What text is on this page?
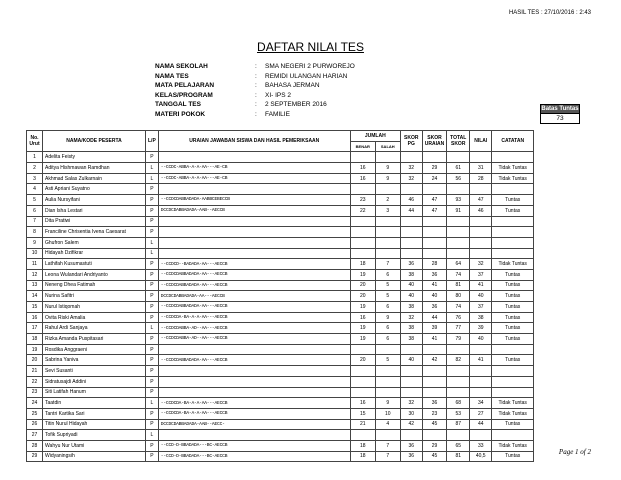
HASIL TES : 27/10/2016 : 2:43
DAFTAR NILAI TES
NAMA SEKOLAH	:	SMA NEGERI 2 PURWOREJO
NAMA TES	:	REMIDI ULANGAN HARIAN
MATA PELAJARAN	:	BAHASA JERMAN
KELAS/PROGRAM	:	XI- IPS 2
TANGGAL TES	:	2 SEPTEMBER 2016
MATERI POKOK	:	FAMILIE
Batas Tuntas
73
No. Urut	NAMA/KODE PESERTA	L/P	URAIAN JAWABAN SISWA DAN HASIL PEMERIKSAAN	JUMLAH		SKOR PG	SKOR URAIAN	TOTAL SKOR	NILAI	CATATAN
				BENAR	SALAH					
1	Adelita Feisty	P								
2	Aditya Hishmawan Ramdhan	L	--CCDC-ABBA-A-A-AA---AE-CB	16	9	32	29	61	31	Tidak Tuntas
3	Akhmad Salas Zulkarnain	L	--CCDC-ABBA-A-A-AA---AE-CB	16	9	32	24	56	28	Tidak Tuntas
4	Asti Apriani Suyatno	P								
5	Aulia Nursyifani	P	--CCDCDABBADADA-AABBCEBECCB	23	2	46	47	93	47	Tuntas
6	Dian Isha Lestari	P	DCCDCDABBADADA-AAB--AECCB	22	3	44	47	91	46	Tuntas
7	Dita Pratiwi	P								
8	Franciline Chrisentia Ivena Caesarat	P								
9	Ghufron Salem	L								
10	Hidayah Dzifikrar	L								
11	Lathifah Kusumastuti	P	--CCDCD--BADADA-AA---AECCB	18	7	36	28	64	32	Tidak Tuntas
12	Leona Wulandari Andriyanto	P	--CCDCDABBADADA-AA---AECCB	19	6	38	36	74	37	Tuntas
13	Neneng Dhea Fatimah	P	--CCDCDABBADADA-AA---AECCB	20	5	40	41	81	41	Tuntas
14	Nurina Safitri	P	DCCDCDABBADADA-AA---AECCB	20	5	40	40	80	40	Tuntas
15	Nurul Istiqomah	P	--CCDCDABBADADA-AA---AECCB	19	6	38	36	74	37	Tuntas
16	Ovita Riski Amalia	P	--CCDCDA-BA-A-A-AA---AECCB	16	9	32	44	76	38	Tuntas
17	Rahul Ardi Sanjaya	L	--CCDCDABBA-AD--AA---AECCB	19	6	38	39	77	39	Tuntas
18	Rizka Amanda Puspitasari	P	--CCDCDABBA-AD--AA---AECCB	19	6	38	41	79	40	Tuntas
19	Rosdika Anggraeni	P								
20	Sabrina Yaniva	P	--CCDCDABBADADA-AA---AECCB	20	5	40	42	82	41	Tuntas
21	Sevi Susanti	P								
22	Sidratusajdi Addini	P								
23	Siti Latifah Hanum	P								
24	Taatdin	L	--CCDCDA-BA-A-A-AA---AECCB	16	9	32	36	68	34	Tidak Tuntas
25	Tantri Kartika Sari	P	--CCDCDA-BA-A-A-AA---AECCB	15	10	30	23	53	27	Tidak Tuntas
26	Titin Nurul Hidayah	P	DCCDCDABBADADA-AAB--AECC-	21	4	42	45	87	44	Tuntas
27	Tofik Supriyadi	L								
28	Wahyu Nur Utami	P	--CCD-D-BBADADA---BC-AECCB	18	7	36	29	65	33	Tidak Tuntas
29	Widyaningsih	P	--CCD-D-BBADADA---BC-AECCB	18	7	36	45	81	40,5	Tuntas
Page 1 of 2
